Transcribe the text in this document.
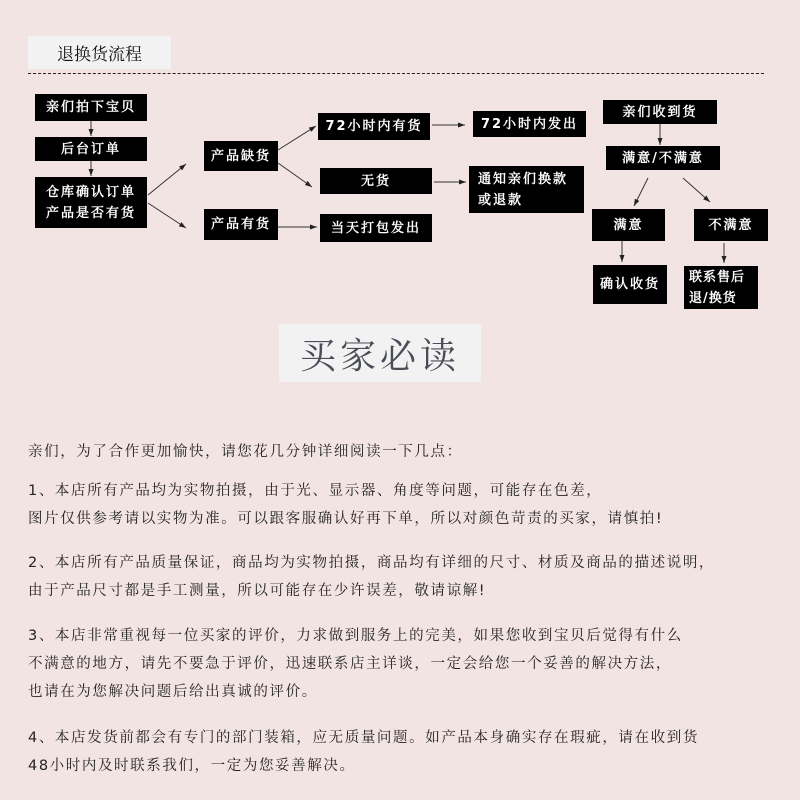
退换货流程
亲们拍下宝贝
后台订单
仓库确认订单
产品是否有货
产品缺货
产品有货
72小时内有货
无货
当天打包发出
72小时内发出
通知亲们换款
或退款
亲们收到货
满意/不满意
满意	不满意
确认收货 联系售后
退/换货
买家必读

亲们，为了合作更加愉快，请您花几分钟详细阅读一下几点：

1、本店所有产品均为实物拍摄，由于光、显示器、角度等问题，可能存在色差，

图片仅供参考请以实物为准。可以跟客服确认好再下单，所以对颜色苛责的买家，请慎拍!

2、本店所有产品质量保证，商品均为实物拍摄，商品均有详细的尺寸、材质及商品的描述说明，

由于产品尺寸都是手工测量，所以可能存在少许误差，敬请谅解!

3、本店非常重视每一位买家的评价，力求做到服务上的完美，如果您收到宝贝后觉得有什么

不满意的地方，请先不要急于评价，迅速联系店主详谈，一定会给您一个妥善的解决方法，

也请在为您解决问题后给出真诚的评价。

4、本店发货前都会有专门的部门装箱，应无质量问题。如产品本身确实存在瑕疵，请在收到货

48小时内及时联系我们，一定为您妥善解决。
